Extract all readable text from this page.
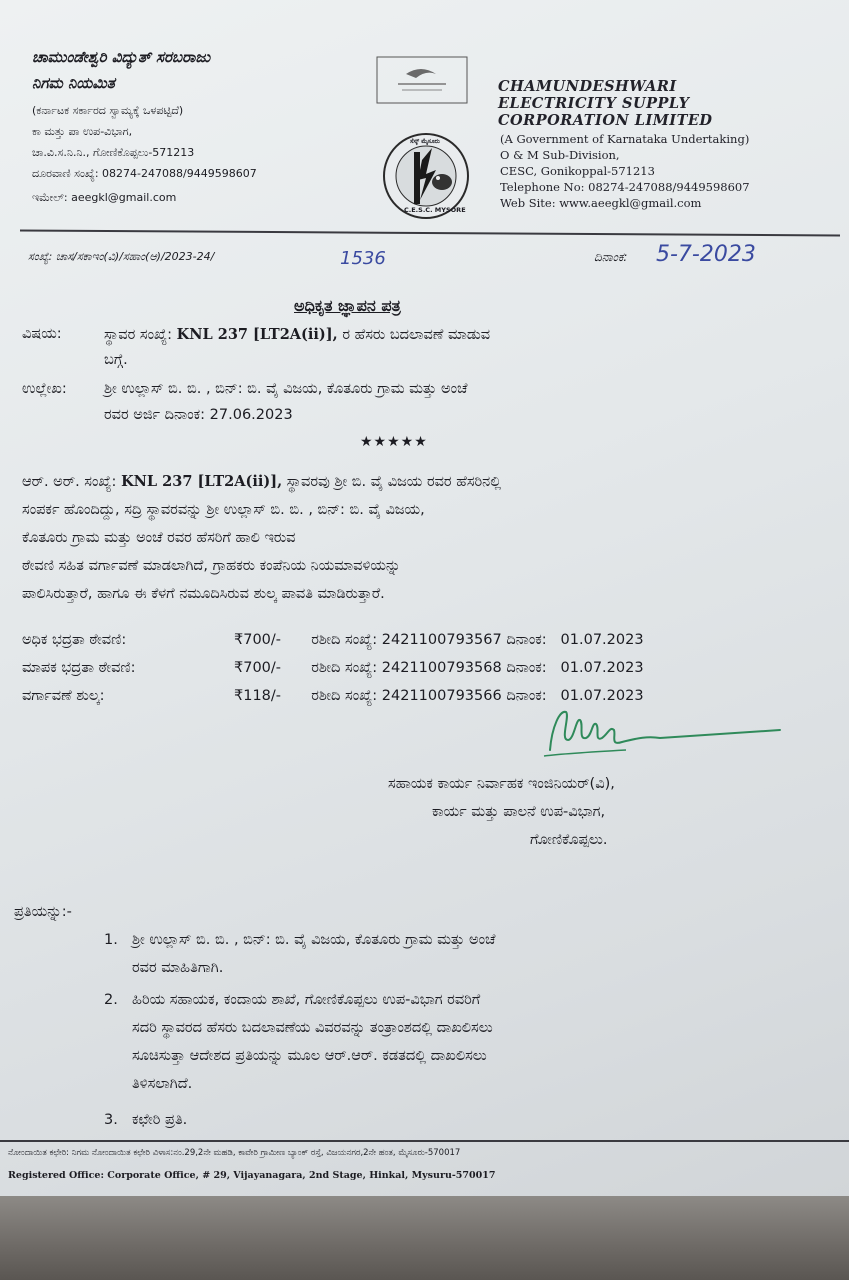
ಚಾಮುಂಡೇಶ್ವರಿ ವಿದ್ಯುತ್ ಸರಬರಾಜು
ನಿಗಮ ನಿಯಮಿತ
(ಕರ್ನಾಟಕ ಸರ್ಕಾರದ ಸ್ವಾಮ್ಯಕ್ಕೆ ಒಳಪಟ್ಟಿದೆ)
ಕಾ ಮತ್ತು ಪಾ ಉಪ-ವಿಭಾಗ,
ಚಾ.ವಿ.ಸ.ನಿ.ನಿ., ಗೋಣಿಕೊಪ್ಪಲು-571213
ದೂರವಾಣಿ ಸಂಖ್ಯೆ: 08274-247088/9449598607
ಇಮೇಲ್: aeegkl@gmail.com
ಸೆಸ್ಕ್ ಮೈಸೂರು
C.E.S.C. MYSORE
CHAMUNDESHWARI
ELECTRICITY SUPPLY
CORPORATION LIMITED
(A Government of Karnataka Undertaking)
O & M Sub-Division,
CESC, Gonikoppal-571213
Telephone No: 08274-247088/9449598607
Web Site: www.aeegkl@gmail.com
ಸಂಖ್ಯೆ: ಚಾಸ/ಸಕಾಇಂ(ವಿ)/ಸಹಾಂ(ಆ)/2023-24/	1536	ದಿನಾಂಕ: 5-7-2023
ಅಧಿಕೃತ ಜ್ಞಾಪನ ಪತ್ರ
ವಿಷಯ:	ಸ್ಥಾವರ ಸಂಖ್ಯೆ: KNL 237 [LT2A(ii)], ರ ಹೆಸರು ಬದಲಾವಣೆ ಮಾಡುವ
ಬಗ್ಗೆ.
ಉಲ್ಲೇಖ:	ಶ್ರೀ ಉಲ್ಲಾಸ್ ಬಿ. ಬಿ. , ಬಿನ್: ಬಿ. ವೈ ವಿಜಯ, ಕೊತೂರು ಗ್ರಾಮ ಮತ್ತು ಅಂಚೆ
ರವರ ಅರ್ಜಿ ದಿನಾಂಕ: 27.06.2023
★★★★★
ಆರ್. ಅರ್. ಸಂಖ್ಯೆ: KNL 237 [LT2A(ii)], ಸ್ಥಾವರವು ಶ್ರೀ ಬಿ. ವೈ ವಿಜಯ ರವರ ಹೆಸರಿನಲ್ಲಿ
ಸಂಪರ್ಕ ಹೊಂದಿದ್ದು, ಸದ್ರಿ ಸ್ಥಾವರವನ್ನು ಶ್ರೀ ಉಲ್ಲಾಸ್ ಬಿ. ಬಿ. , ಬಿನ್: ಬಿ. ವೈ ವಿಜಯ,
ಕೊತೂರು ಗ್ರಾಮ ಮತ್ತು ಅಂಚೆ ರವರ ಹೆಸರಿಗೆ ಹಾಲಿ ಇರುವ
ಠೇವಣಿ ಸಹಿತ ವರ್ಗಾವಣೆ ಮಾಡಲಾಗಿದೆ, ಗ್ರಾಹಕರು ಕಂಪೆನಿಯ ನಿಯಮಾವಳಿಯನ್ನು
ಪಾಲಿಸಿರುತ್ತಾರೆ, ಹಾಗೂ ಈ ಕೆಳಗೆ ನಮೂದಿಸಿರುವ ಶುಲ್ಕ ಪಾವತಿ ಮಾಡಿರುತ್ತಾರೆ.
ಅಧಿಕ ಭದ್ರತಾ ಠೇವಣಿ:	₹700/- ರಶೀದಿ ಸಂಖ್ಯೆ: 2421100793567 ದಿನಾಂಕ: 01.07.2023
ಮಾಪಕ ಭದ್ರತಾ ಠೇವಣಿ:	₹700/- ರಶೀದಿ ಸಂಖ್ಯೆ: 2421100793568 ದಿನಾಂಕ: 01.07.2023
ವರ್ಗಾವಣೆ ಶುಲ್ಕ:	₹118/- ರಶೀದಿ ಸಂಖ್ಯೆ: 2421100793566 ದಿನಾಂಕ: 01.07.2023
ಸಹಾಯಕ ಕಾರ್ಯ ನಿರ್ವಾಹಕ ಇಂಜಿನಿಯರ್(ವಿ),
ಕಾರ್ಯ ಮತ್ತು ಪಾಲನೆ ಉಪ-ವಿಭಾಗ,
ಗೋಣಿಕೊಪ್ಪಲು.
ಪ್ರತಿಯನ್ನು:-
1. ಶ್ರೀ ಉಲ್ಲಾಸ್ ಬಿ. ಬಿ. , ಬಿನ್: ಬಿ. ವೈ ವಿಜಯ, ಕೊತೂರು ಗ್ರಾಮ ಮತ್ತು ಅಂಚೆ
ರವರ ಮಾಹಿತಿಗಾಗಿ.
2. ಹಿರಿಯ ಸಹಾಯಕ, ಕಂದಾಯ ಶಾಖೆ, ಗೋಣಿಕೊಪ್ಪಲು ಉಪ-ವಿಭಾಗ ರವರಿಗೆ
ಸದರಿ ಸ್ಥಾವರದ ಹೆಸರು ಬದಲಾವಣೆಯ ವಿವರವನ್ನು ತಂತ್ರಾಂಶದಲ್ಲಿ ದಾಖಲಿಸಲು
ಸೂಚಿಸುತ್ತಾ ಆದೇಶದ ಪ್ರತಿಯನ್ನು ಮೂಲ ಆರ್.ಆರ್. ಕಡತದಲ್ಲಿ ದಾಖಲಿಸಲು
ತಿಳಿಸಲಾಗಿದೆ.
3. ಕಛೇರಿ ಪ್ರತಿ.
ನೋಂದಾಯಿತ ಕಛೇರಿ: ನಿಗಮ ನೋಂದಾಯಿತ ಕಛೇರಿ ವಿಳಾಸ:ನಂ.29,2ನೇ ಮಹಡಿ, ಕಾವೇರಿ ಗ್ರಾಮೀಣ ಬ್ಯಾಂಕ್ ರಸ್ತೆ, ವಿಜಯನಗರ,2ನೇ ಹಂತ, ಮೈಸೂರು-570017
Registered Office: Corporate Office, # 29, Vijayanagara, 2nd Stage, Hinkal, Mysuru-570017
